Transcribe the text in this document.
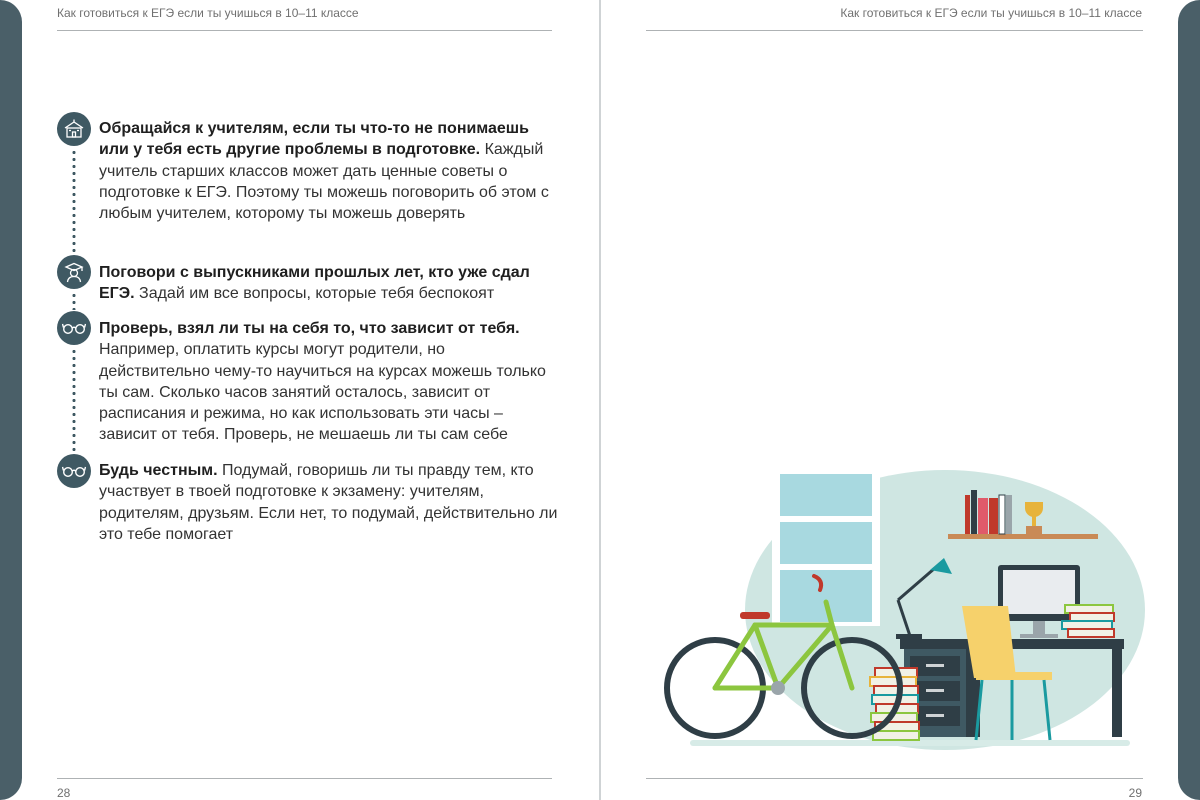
Как готовиться к ЕГЭ если ты учишься в 10–11 классе	Как готовиться к ЕГЭ если ты учишься в 10–11 классе
28	29
Обращайся к учителям, если ты что-то не понимаешь или у тебя есть другие проблемы в подготовке. Каждый учитель старших классов может дать ценные советы о подготовке к ЕГЭ. Поэтому ты можешь поговорить об этом с любым учителем, которому ты можешь доверять
Поговори с выпускниками прошлых лет, кто уже сдал ЕГЭ. Задай им все вопросы, которые тебя беспокоят
Проверь, взял ли ты на себя то, что зависит от тебя. Например, оплатить курсы могут родители, но действительно чему-то научиться на курсах можешь только ты сам. Сколько часов занятий осталось, зависит от расписания и режима, но как использовать эти часы – зависит от тебя. Проверь, не мешаешь ли ты сам себе
Будь честным. Подумай, говоришь ли ты правду тем, кто участвует в твоей подготовке к экзамену: учителям, родителям, друзьям. Если нет, то подумай, действительно ли это тебе помогает
